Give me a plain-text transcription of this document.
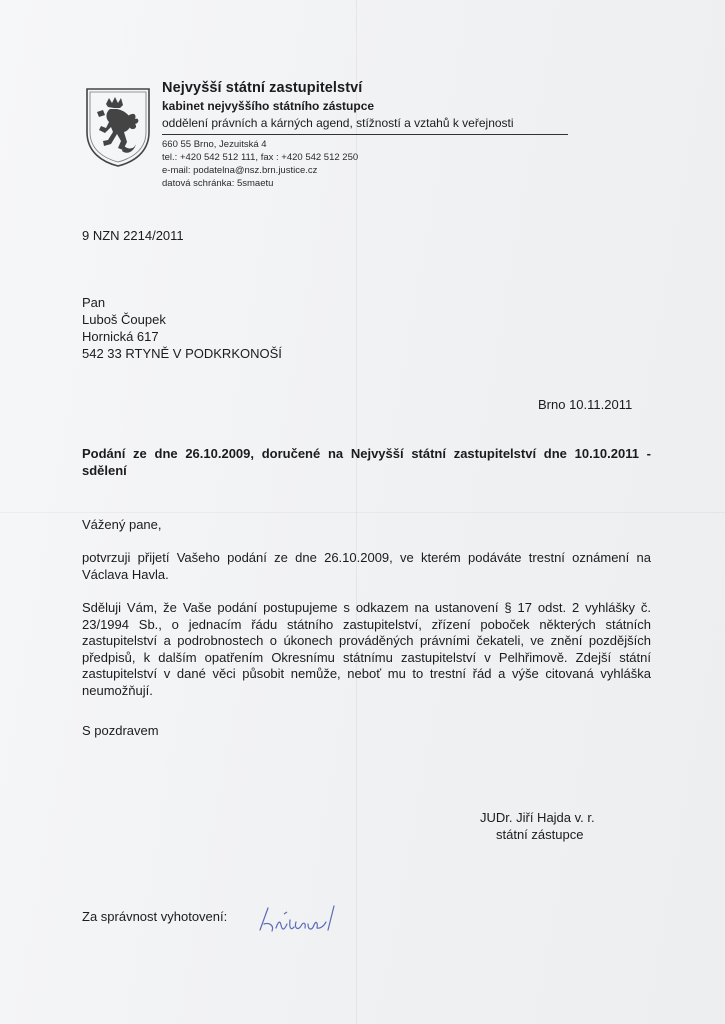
Nejvyšší státní zastupitelství
kabinet nejvyššího státního zástupce
oddělení právních a kárných agend, stížností a vztahů k veřejnosti
660 55 Brno, Jezuitská 4
tel.: +420 542 512 111, fax : +420 542 512 250
e-mail: podatelna@nsz.brn.justice.cz
datová schránka: 5smaetu
9 NZN 2214/2011
Pan
Luboš Čoupek
Hornická 617
542 33 RTYNĚ V PODKRKONOŠÍ
Brno 10.11.2011
Podání ze dne 26.10.2009, doručené na Nejvyšší státní zastupitelství dne 10.10.2011 - sdělení
Vážený pane,
potvrzuji přijetí Vašeho podání ze dne 26.10.2009, ve kterém podáváte trestní oznámení na Václava Havla.
Sděluji Vám, že Vaše podání postupujeme s odkazem na ustanovení § 17 odst. 2 vyhlášky č. 23/1994 Sb., o jednacím řádu státního zastupitelství, zřízení poboček některých státních zastupitelství a podrobnostech o úkonech prováděných právními čekateli, ve znění pozdějších předpisů, k dalším opatřením Okresnímu státnímu zastupitelství v Pelhřimově. Zdejší státní zastupitelství v dané věci působit nemůže, neboť mu to trestní řád a výše citovaná vyhláška neumožňují.
S pozdravem
JUDr. Jiří Hajda v. r.
státní zástupce
Za správnost vyhotovení:
